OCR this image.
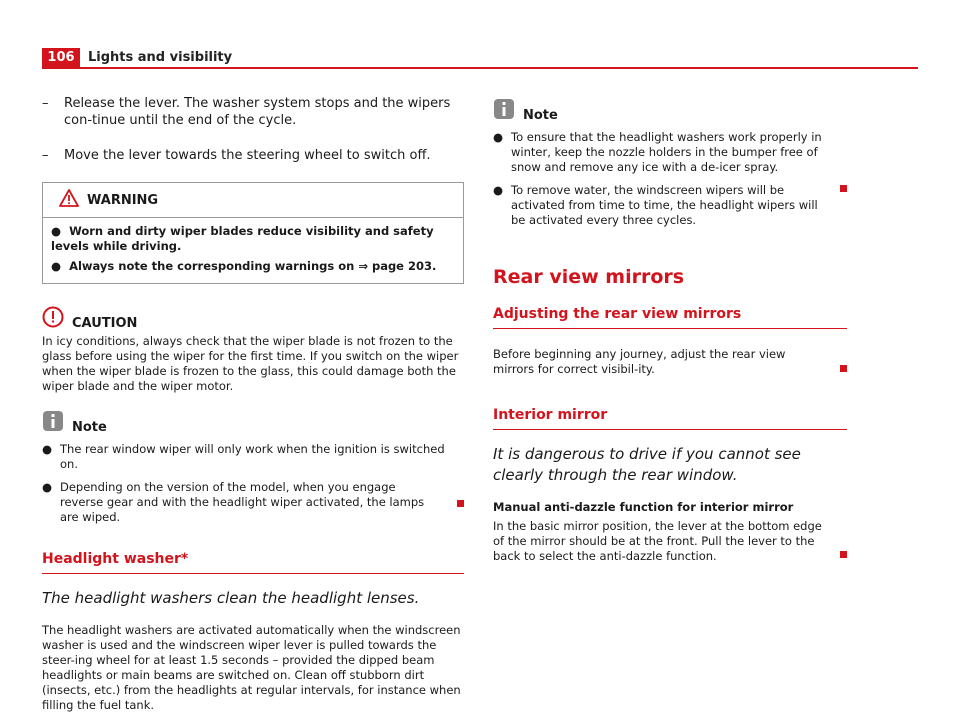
106	Lights and visibility
–	Release the lever. The washer system stops and the wipers con-tinue until the end of the cycle.
–	Move the lever towards the steering wheel to switch off.
WARNING

● Worn and dirty wiper blades reduce visibility and safety levels while driving.

● Always note the corresponding warnings on ⇒ page 203.

CAUTION

In icy conditions, always check that the wiper blade is not frozen to the glass before using the wiper for the first time. If you switch on the wiper when the wiper blade is frozen to the glass, this could damage both the wiper blade and the wiper motor.

Note
● The rear window wiper will only work when the ignition is switched on.
● Depending on the version of the model, when you engage reverse gear and with the headlight wiper activated, the lamps are wiped.
Headlight washer*
The headlight washers clean the headlight lenses.

The headlight washers are activated automatically when the windscreen washer is used and the windscreen wiper lever is pulled towards the steer-ing wheel for at least 1.5 seconds – provided the dipped beam headlights or main beams are switched on. Clean off stubborn dirt (insects, etc.) from the headlights at regular intervals, for instance when filling the fuel tank.

Note
● To ensure that the headlight washers work properly in winter, keep the nozzle holders in the bumper free of snow and remove any ice with a de-icer spray.
● To remove water, the windscreen wipers will be activated from time to time, the headlight wipers will be activated every three cycles.
Rear view mirrors
Adjusting the rear view mirrors
Before beginning any journey, adjust the rear view mirrors for correct visibil-ity.
Interior mirror
It is dangerous to drive if you cannot see clearly through the rear window.
Manual anti-dazzle function for interior mirror
In the basic mirror position, the lever at the bottom edge of the mirror should be at the front. Pull the lever to the back to select the anti-dazzle function.
